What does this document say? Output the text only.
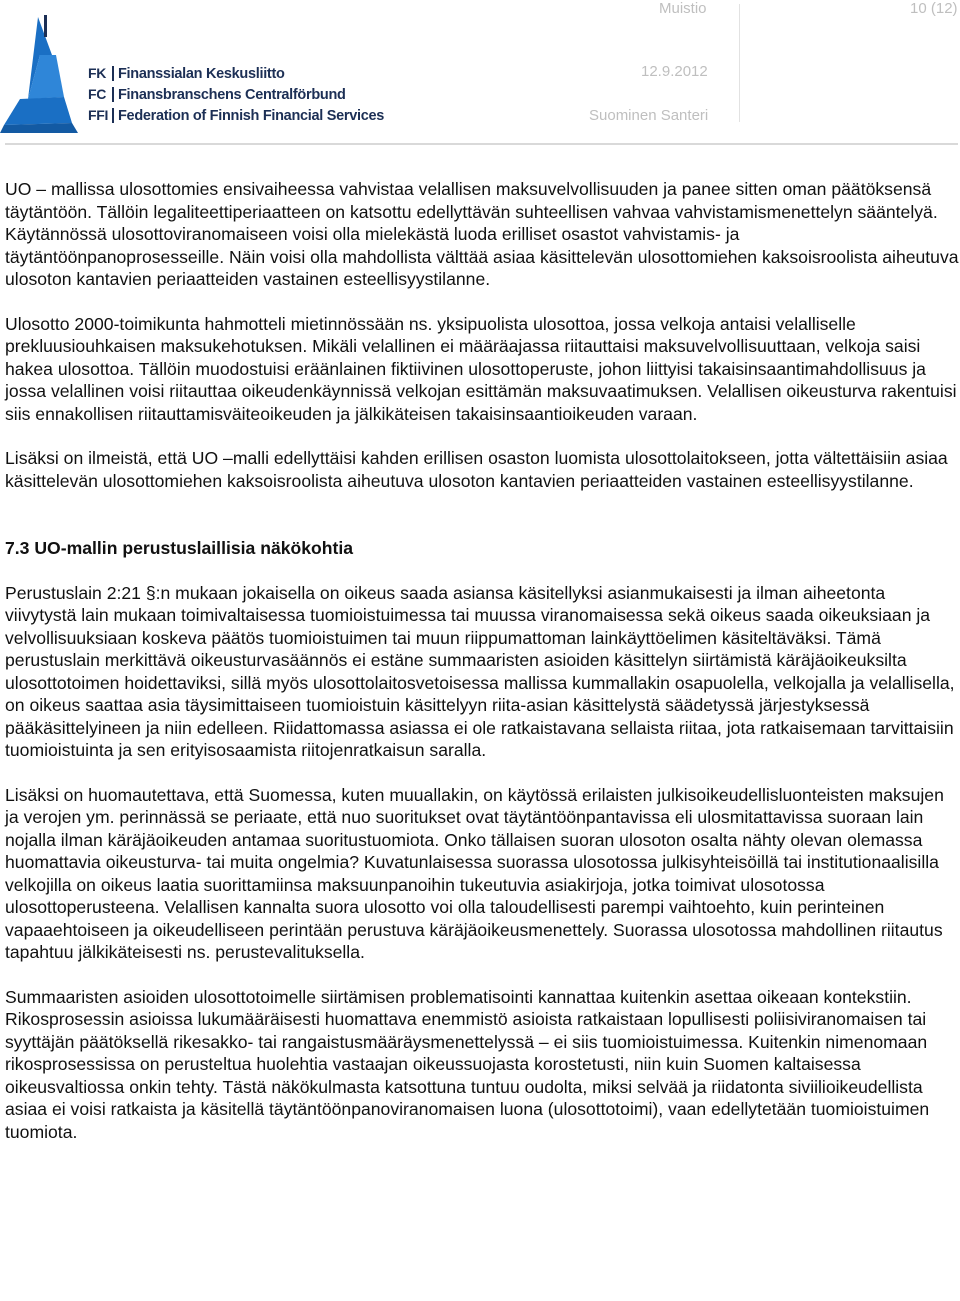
FK Finanssialan Keskusliitto
FC Finansbranschens Centralförbund
FFI Federation of Finnish Financial Services
Muistio	10 (12)
12.9.2012
Suominen Santeri

UO – mallissa ulosottomies ensivaiheessa vahvistaa velallisen maksuvelvollisuuden ja panee sitten oman päätöksensä täytäntöön. Tällöin legaliteettiperiaatteen on katsottu edellyttävän suhteellisen vahvaa vahvistamismenettelyn sääntelyä. Käytännössä ulosottoviranomaiseen voisi olla mielekästä luoda erilliset osastot vahvistamis- ja täytäntöönpanoprosesseille. Näin voisi olla mahdollista välttää asiaa käsittelevän ulosottomiehen kaksoisroolista aiheutuva ulosoton kantavien periaatteiden vastainen esteellisyystilanne.

Ulosotto 2000-toimikunta hahmotteli mietinnössään ns. yksipuolista ulosottoa, jossa velkoja antaisi velalliselle prekluusiouhkaisen maksukehotuksen. Mikäli velallinen ei määräajassa riitauttaisi maksuvelvollisuuttaan, velkoja saisi hakea ulosottoa. Tällöin muodostuisi eräänlainen fiktiivinen ulosottoperuste, johon liittyisi takaisinsaantimahdollisuus ja jossa velallinen voisi riitauttaa oikeudenkäynnissä velkojan esittämän maksuvaatimuksen. Velallisen oikeusturva rakentuisi siis ennakollisen riitauttamisväiteoikeuden ja jälkikäteisen takaisinsaantioikeuden varaan.

Lisäksi on ilmeistä, että UO –malli edellyttäisi kahden erillisen osaston luomista ulosottolaitokseen, jotta vältettäisiin asiaa käsittelevän ulosottomiehen kaksoisroolista aiheutuva ulosoton kantavien periaatteiden vastainen esteellisyystilanne.

7.3 UO-mallin perustuslaillisia näkökohtia

Perustuslain 2:21 §:n mukaan jokaisella on oikeus saada asiansa käsitellyksi asianmukaisesti ja ilman aiheetonta viivytystä lain mukaan toimivaltaisessa tuomioistuimessa tai muussa viranomaisessa sekä oikeus saada oikeuksiaan ja velvollisuuksiaan koskeva päätös tuomioistuimen tai muun riippumattoman lainkäyttöelimen käsiteltäväksi. Tämä perustuslain merkittävä oikeusturvasäännös ei estäne summaaristen asioiden käsittelyn siirtämistä käräjäoikeuksilta ulosottotoimen hoidettaviksi, sillä myös ulosottolaitosvetoisessa mallissa kummallakin osapuolella, velkojalla ja velallisella, on oikeus saattaa asia täysimittaiseen tuomioistuin käsittelyyn riita-asian käsittelystä säädetyssä järjestyksessä pääkäsittelyineen ja niin edelleen. Riidattomassa asiassa ei ole ratkaistavana sellaista riitaa, jota ratkaisemaan tarvittaisiin tuomioistuinta ja sen erityisosaamista riitojenratkaisun saralla.

Lisäksi on huomautettava, että Suomessa, kuten muuallakin, on käytössä erilaisten julkisoikeudellisluonteisten maksujen ja verojen ym. perinnässä se periaate, että nuo suoritukset ovat täytäntöönpantavissa eli ulosmitattavissa suoraan lain nojalla ilman käräjäoikeuden antamaa suoritustuomiota. Onko tällaisen suoran ulosoton osalta nähty olevan olemassa huomattavia oikeusturva- tai muita ongelmia? Kuvatunlaisessa suorassa ulosotossa julkisyhteisöillä tai institutionaalisilla velkojilla on oikeus laatia suorittamiinsa maksuunpanoihin tukeutuvia asiakirjoja, jotka toimivat ulosotossa ulosottoperusteena. Velallisen kannalta suora ulosotto voi olla taloudellisesti parempi vaihtoehto, kuin perinteinen vapaaehtoiseen ja oikeudelliseen perintään perustuva käräjäoikeusmenettely. Suorassa ulosotossa mahdollinen riitautus tapahtuu jälkikäteisesti ns. perustevalituksella.

Summaaristen asioiden ulosottotoimelle siirtämisen problematisointi kannattaa kuitenkin asettaa oikeaan kontekstiin. Rikosprosessin asioissa lukumääräisesti huomattava enemmistö asioista ratkaistaan lopullisesti poliisiviranomaisen tai syyttäjän päätöksellä rikesakko- tai rangaistusmääräysmenettelyssä – ei siis tuomioistuimessa. Kuitenkin nimenomaan rikosprosessissa on perusteltua huolehtia vastaajan oikeussuojasta korostetusti, niin kuin Suomen kaltaisessa oikeusvaltiossa onkin tehty. Tästä näkökulmasta katsottuna tuntuu oudolta, miksi selvää ja riidatonta siviilioikeudellista asiaa ei voisi ratkaista ja käsitellä täytäntöönpanoviranomaisen luona (ulosottotoimi), vaan edellytetään tuomioistuimen tuomiota.
